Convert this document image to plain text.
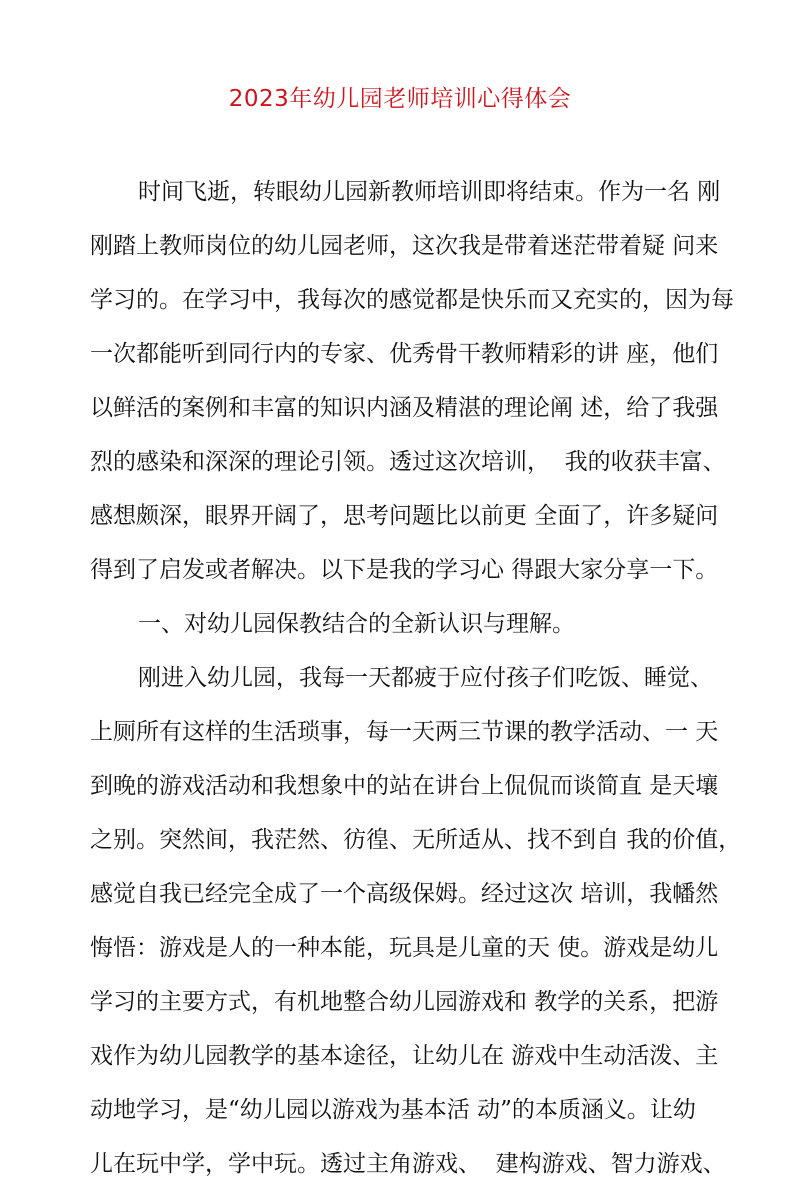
2023年幼儿园老师培训心得体会
时间飞逝，转眼幼儿园新教师培训即将结束。作为一名 刚
刚踏上教师岗位的幼儿园老师，这次我是带着迷茫带着疑 问来
学习的。在学习中，我每次的感觉都是快乐而又充实的，因为每
一次都能听到同行内的专家、优秀骨干教师精彩的讲 座，他们
以鲜活的案例和丰富的知识内涵及精湛的理论阐 述，给了我强
烈的感染和深深的理论引领。透过这次培训，  我的收获丰富、
感想颇深，眼界开阔了，思考问题比以前更 全面了，许多疑问
得到了启发或者解决。以下是我的学习心 得跟大家分享一下。
一、对幼儿园保教结合的全新认识与理解。
刚进入幼儿园，我每一天都疲于应付孩子们吃饭、睡觉、
上厕所有这样的生活琐事，每一天两三节课的教学活动、一 天
到晚的游戏活动和我想象中的站在讲台上侃侃而谈简直 是天壤
之别。突然间，我茫然、彷徨、无所适从、找不到自 我的价值，
感觉自我已经完全成了一个高级保姆。经过这次 培训，我幡然
悔悟：游戏是人的一种本能，玩具是儿童的天 使。游戏是幼儿
学习的主要方式，有机地整合幼儿园游戏和 教学的关系，把游
戏作为幼儿园教学的基本途径，让幼儿在 游戏中生动活泼、主
动地学习，是“幼儿园以游戏为基本活 动”的本质涵义。让幼
儿在玩中学，学中玩。透过主角游戏、  建构游戏、智力游戏、
